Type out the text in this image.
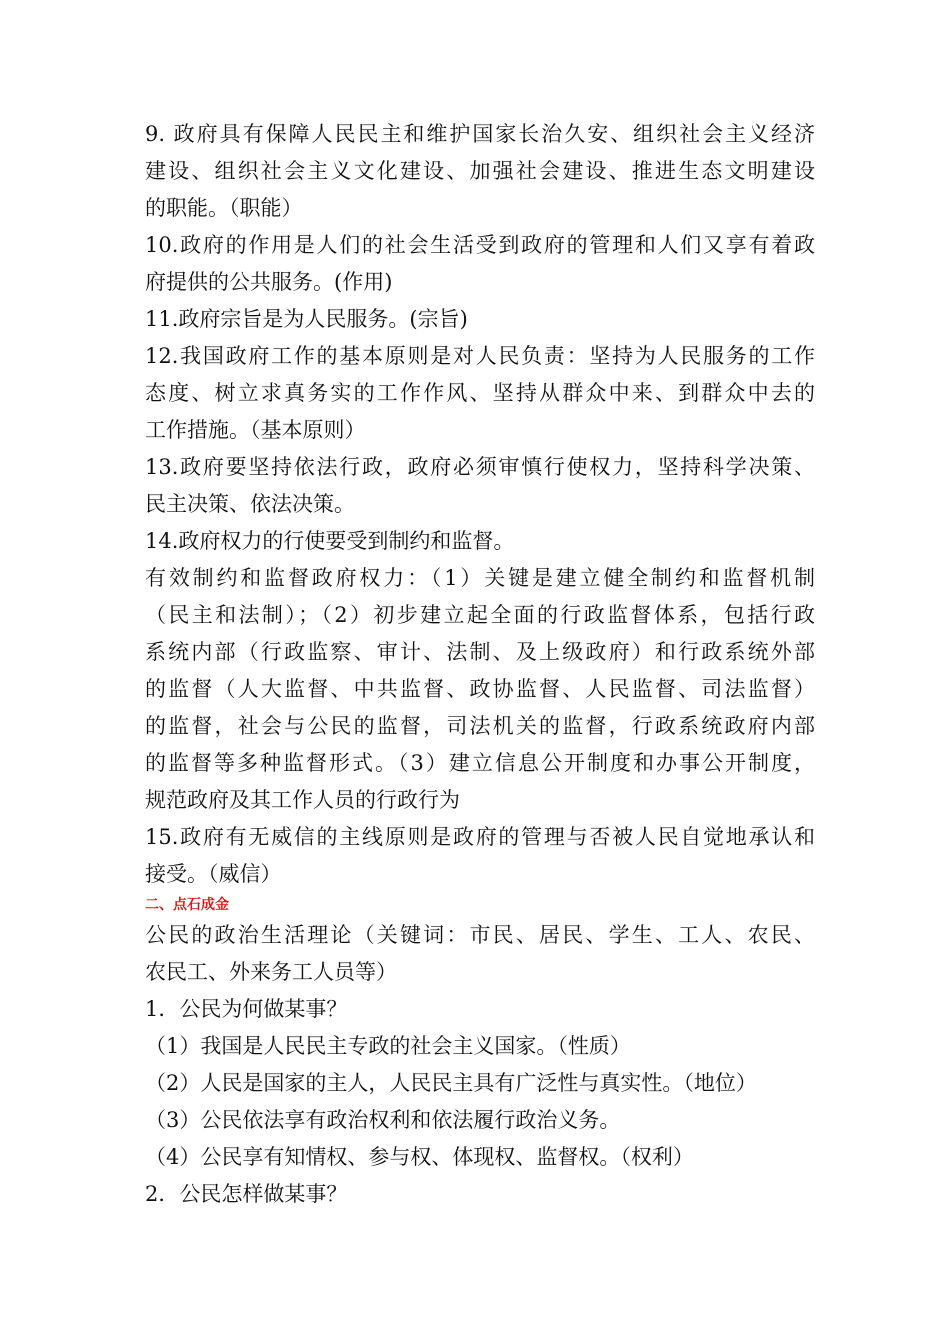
9. 政府具有保障人民民主和维护国家长治久安、组织社会主义经济
建设、组织社会主义文化建设、加强社会建设、推进生态文明建设
的职能。（职能）
10.政府的作用是人们的社会生活受到政府的管理和人们又享有着政
府提供的公共服务。(作用)
11.政府宗旨是为人民服务。(宗旨)
12.我国政府工作的基本原则是对人民负责：坚持为人民服务的工作
态度、树立求真务实的工作作风、坚持从群众中来、到群众中去的
工作措施。（基本原则）
13.政府要坚持依法行政，政府必须审慎行使权力，坚持科学决策、
民主决策、依法决策。
14.政府权力的行使要受到制约和监督。
有效制约和监督政府权力：（1）关键是建立健全制约和监督机制
（民主和法制）；（2）初步建立起全面的行政监督体系，包括行政
系统内部（行政监察、审计、法制、及上级政府）和行政系统外部
的监督（人大监督、中共监督、政协监督、人民监督、司法监督）
的监督，社会与公民的监督，司法机关的监督，行政系统政府内部
的监督等多种监督形式。（3）建立信息公开制度和办事公开制度，
规范政府及其工作人员的行政行为
15.政府有无威信的主线原则是政府的管理与否被人民自觉地承认和
接受。（威信）
二、点石成金
公民的政治生活理论（关键词：市民、居民、学生、工人、农民、
农民工、外来务工人员等）
1．公民为何做某事？
（1）我国是人民民主专政的社会主义国家。（性质）
（2）人民是国家的主人，人民民主具有广泛性与真实性。（地位）
（3）公民依法享有政治权利和依法履行政治义务。
（4）公民享有知情权、参与权、体现权、监督权。（权利）
2．公民怎样做某事？
